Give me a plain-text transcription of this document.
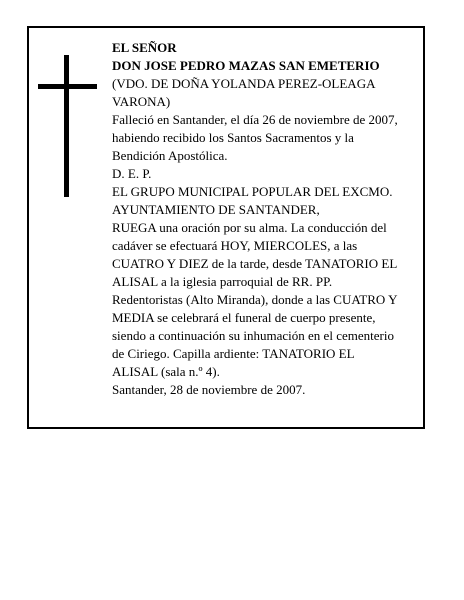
EL SEÑOR
DON JOSE PEDRO MAZAS SAN EMETERIO
(VDO. DE DOÑA YOLANDA PEREZ-OLEAGA
VARONA)
Falleció en Santander, el día 26 de noviembre de 2007,
habiendo recibido los Santos Sacramentos y la
Bendición Apostólica.
D. E. P.
EL GRUPO MUNICIPAL POPULAR DEL EXCMO.
AYUNTAMIENTO DE SANTANDER,
RUEGA una oración por su alma. La conducción del
cadáver se efectuará HOY, MIERCOLES, a las
CUATRO Y DIEZ de la tarde, desde TANATORIO EL
ALISAL a la iglesia parroquial de RR. PP.
Redentoristas (Alto Miranda), donde a las CUATRO Y
MEDIA se celebrará el funeral de cuerpo presente,
siendo a continuación su inhumación en el cementerio
de Ciriego. Capilla ardiente: TANATORIO EL
ALISAL (sala n.º 4).
Santander, 28 de noviembre de 2007.
